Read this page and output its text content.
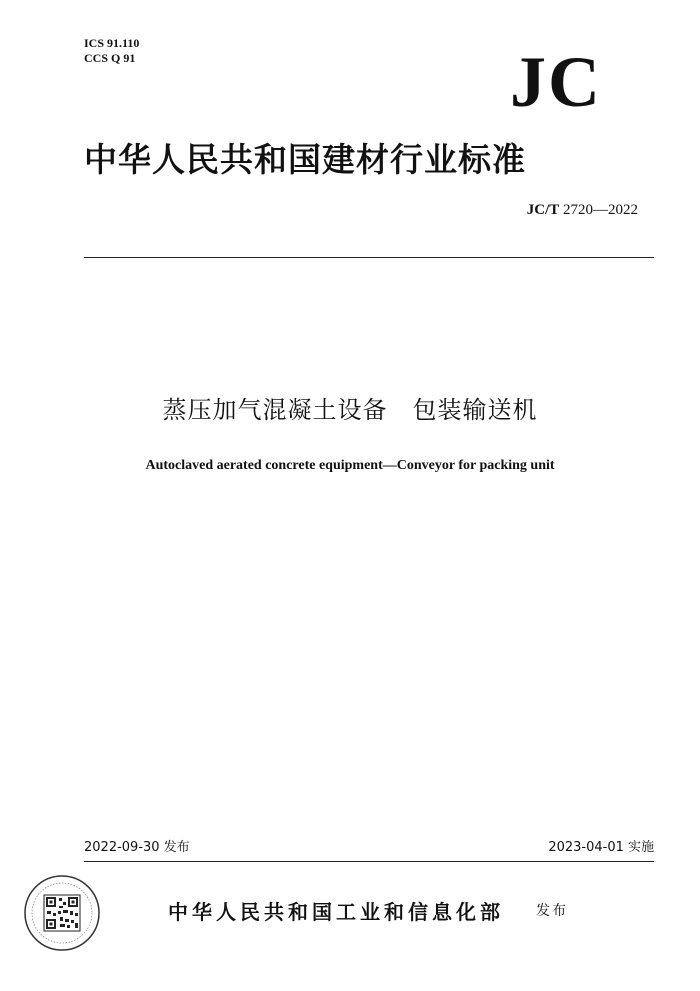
ICS 91.110
CCS Q 91	JC
中华人民共和国建材行业标准
JC/T 2720—2022
蒸压加气混凝土设备　包装输送机
Autoclaved aerated concrete equipment—Conveyor for packing unit
2022-09-30 发布	2023-04-01 实施
中华人民共和国工业和信息化部 发布
